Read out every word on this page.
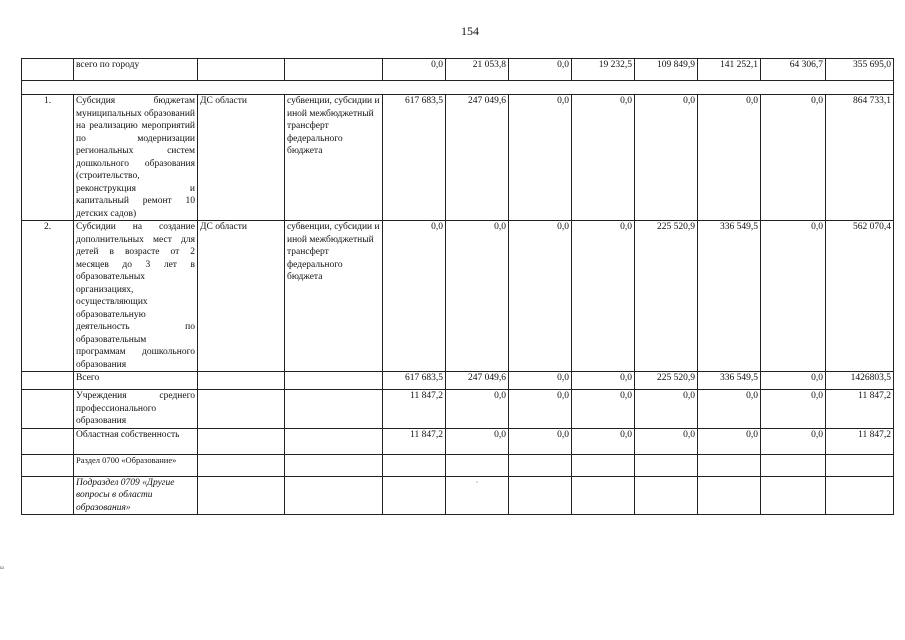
154
	всего по городу			0,0	21 053,8	0,0	19 232,5	109 849,9	141 252,1	64 306,7	355 695,0

1.	Субсидия бюджетам муниципальных образований на реализацию мероприятий по модернизации региональных систем дошкольного образования (строительство, реконструкция и капитальный ремонт 10 детских садов)	ДС области	субвенции, субсидии и иной межбюджетный трансферт федерального бюджета	617 683,5	247 049,6	0,0	0,0	0,0	0,0	0,0	864 733,1
2.	Субсидии на создание дополнительных мест для детей в возрасте от 2 месяцев до 3 лет в образовательных организациях, осуществляющих образовательную деятельность по образовательным программам дошкольного образования	ДС области	субвенции, субсидии и иной межбюджетный трансферт федерального бюджета	0,0	0,0	0,0	0,0	225 520,9	336 549,5	0,0	562 070,4
	Всего			617 683,5	247 049,6	0,0	0,0	225 520,9	336 549,5	0,0	1426803,5
	Учреждения среднего профессионального образования			11 847,2	0,0	0,0	0,0	0,0	0,0	0,0	11 847,2
	Областная собственность			11 847,2	0,0	0,0	0,0	0,0	0,0	0,0	11 847,2
	Раздел 0700 «Образование»										
	Подраздел 0709 «Другие вопросы в области образования»				·						
ш
